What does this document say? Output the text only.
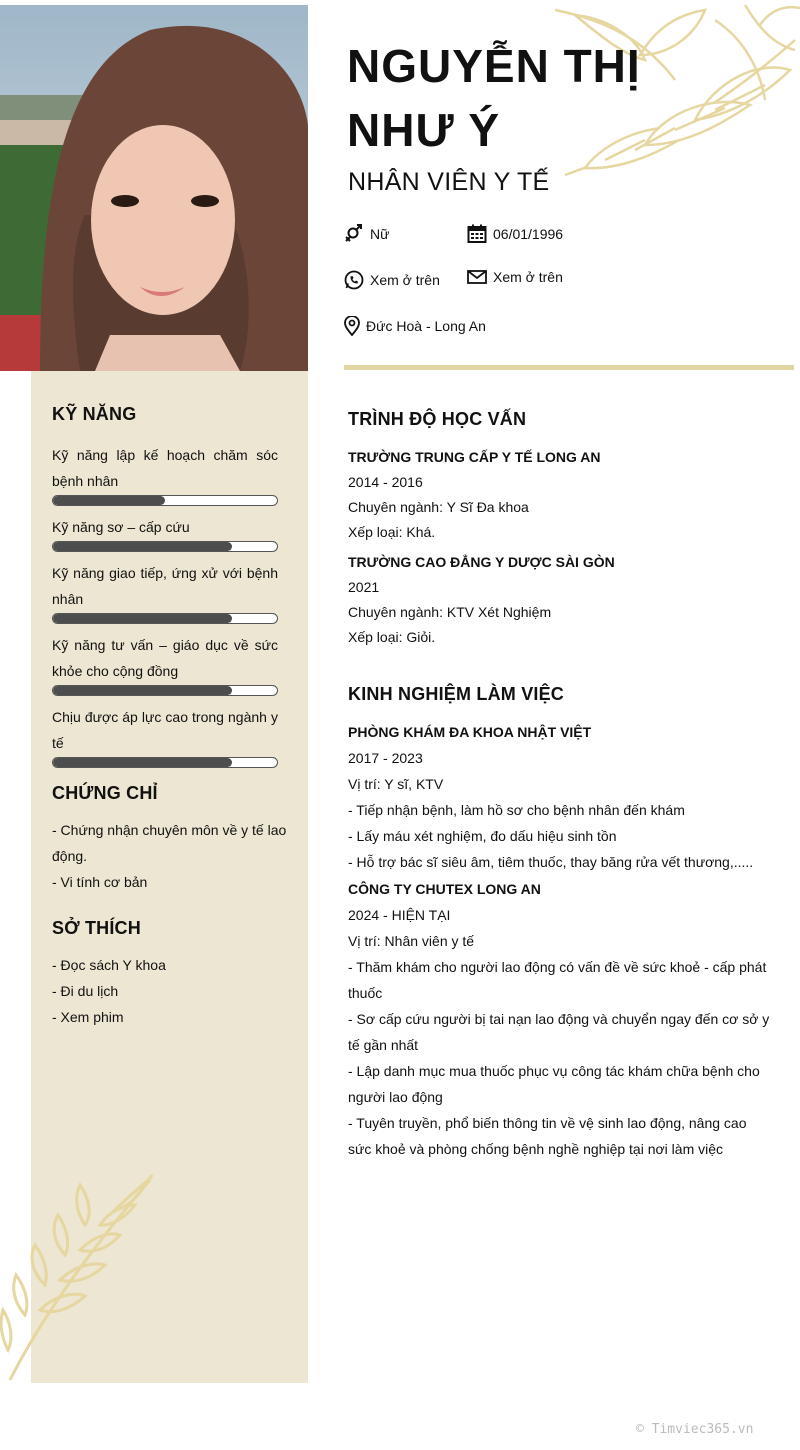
NGUYỄN THỊ
NHƯ Ý
NHÂN VIÊN Y TẾ
Nữ	06/01/1996
Xem ở trên	Xem ở trên
Đức Hoà - Long An
KỸ NĂNG
Kỹ năng lập kế hoạch chăm sóc bệnh nhân
Kỹ năng sơ – cấp cứu
Kỹ năng giao tiếp, ứng xử với bệnh nhân
Kỹ năng tư vấn – giáo dục về sức khỏe cho cộng đồng
Chịu được áp lực cao trong ngành y tế
CHỨNG CHỈ
- Chứng nhận chuyên môn về y tế lao động.
- Vi tính cơ bản
SỞ THÍCH
- Đọc sách Y khoa
- Đi du lịch
- Xem phim
TRÌNH ĐỘ HỌC VẤN
TRƯỜNG TRUNG CẤP Y TẾ LONG AN
2014 - 2016
Chuyên ngành: Y Sĩ Đa khoa
Xếp loại: Khá.
TRƯỜNG CAO ĐẲNG Y DƯỢC SÀI GÒN
2021
Chuyên ngành: KTV Xét Nghiệm
Xếp loại: Giỏi.
KINH NGHIỆM LÀM VIỆC
PHÒNG KHÁM ĐA KHOA NHẬT VIỆT
2017 - 2023
Vị trí: Y sĩ, KTV
- Tiếp nhận bệnh, làm hồ sơ cho bệnh nhân đến khám
- Lấy máu xét nghiệm, đo dấu hiệu sinh tồn
- Hỗ trợ bác sĩ siêu âm, tiêm thuốc, thay băng rửa vết thương,.....
CÔNG TY CHUTEX LONG AN
2024 - HIỆN TẠI
Vị trí: Nhân viên y tế
- Thăm khám cho người lao động có vấn đề về sức khoẻ - cấp phát thuốc
- Sơ cấp cứu người bị tai nạn lao động và chuyển ngay đến cơ sở y tế gần nhất
- Lập danh mục mua thuốc phục vụ công tác khám chữa bệnh cho người lao động
- Tuyên truyền, phổ biến thông tin về vệ sinh lao động, nâng cao sức khoẻ và phòng chống bệnh nghề nghiệp tại nơi làm việc
© Timviec365.vn
